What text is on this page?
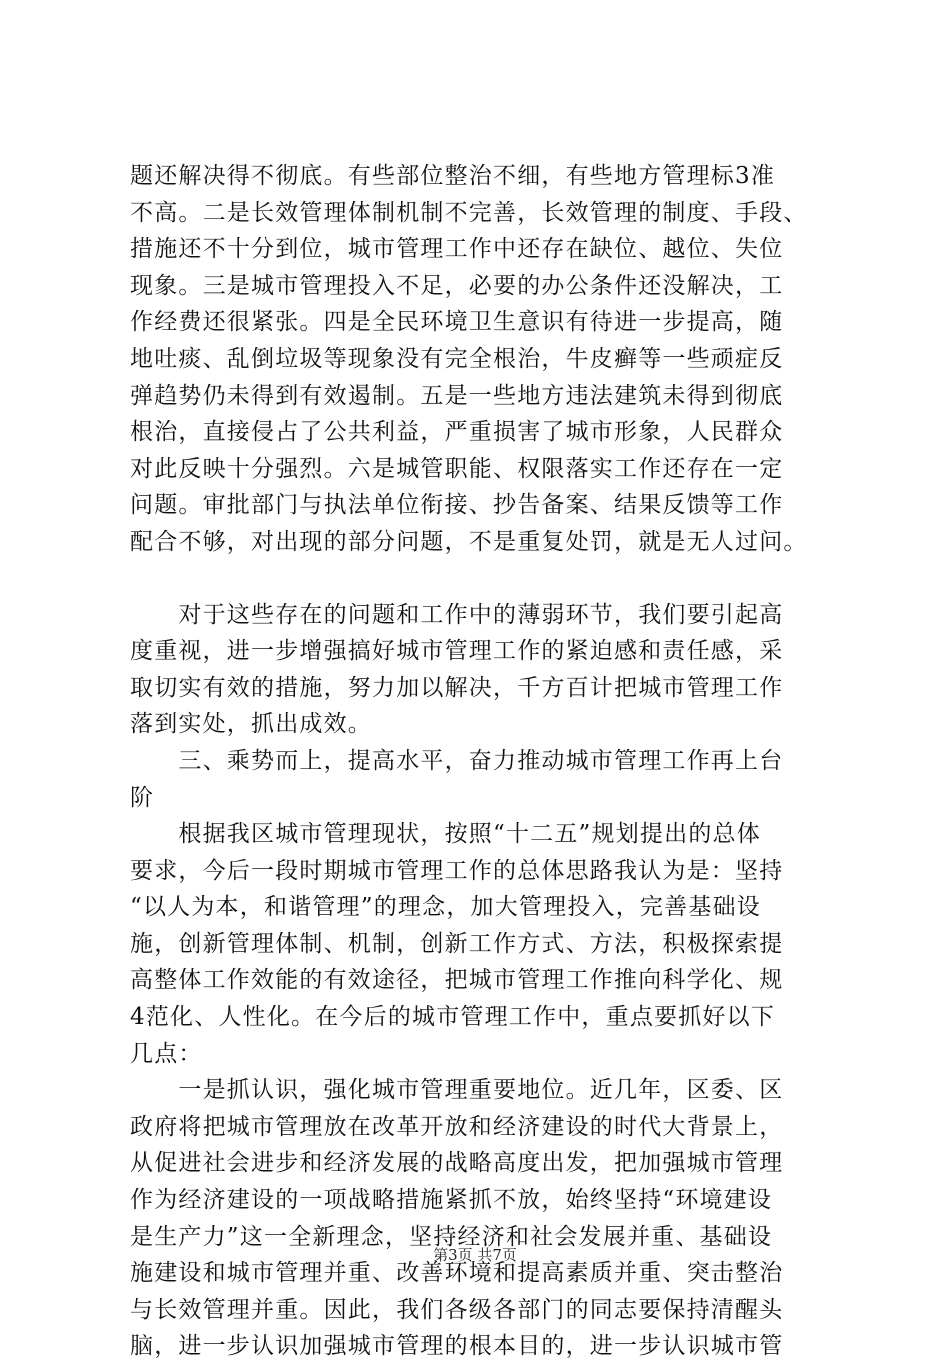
题还解决得不彻底。有些部位整治不细，有些地方管理标3准
不高。二是长效管理体制机制不完善，长效管理的制度、手段、
措施还不十分到位，城市管理工作中还存在缺位、越位、失位
现象。三是城市管理投入不足，必要的办公条件还没解决，工
作经费还很紧张。四是全民环境卫生意识有待进一步提高，随
地吐痰、乱倒垃圾等现象没有完全根治，牛皮癣等一些顽症反
弹趋势仍未得到有效遏制。五是一些地方违法建筑未得到彻底
根治，直接侵占了公共利益，严重损害了城市形象，人民群众
对此反映十分强烈。六是城管职能、权限落实工作还存在一定
问题。审批部门与执法单位衔接、抄告备案、结果反馈等工作
配合不够，对出现的部分问题，不是重复处罚，就是无人过问。
　　对于这些存在的问题和工作中的薄弱环节，我们要引起高
度重视，进一步增强搞好城市管理工作的紧迫感和责任感，采
取切实有效的措施，努力加以解决，千方百计把城市管理工作
落到实处，抓出成效。
　　三、乘势而上，提高水平，奋力推动城市管理工作再上台
阶
　　根据我区城市管理现状，按照“十二五”规划提出的总体
要求，今后一段时期城市管理工作的总体思路我认为是：坚持
“以人为本，和谐管理”的理念，加大管理投入，完善基础设
施，创新管理体制、机制，创新工作方式、方法，积极探索提
高整体工作效能的有效途径，把城市管理工作推向科学化、规
4范化、人性化。在今后的城市管理工作中，重点要抓好以下
几点：
　　一是抓认识，强化城市管理重要地位。近几年，区委、区
政府将把城市管理放在改革开放和经济建设的时代大背景上，
从促进社会进步和经济发展的战略高度出发，把加强城市管理
作为经济建设的一项战略措施紧抓不放，始终坚持“环境建设
是生产力”这一全新理念，坚持经济和社会发展并重、基础设
施建设和城市管理并重、改善环境和提高素质并重、突击整治
与长效管理并重。因此，我们各级各部门的同志要保持清醒头
脑，进一步认识加强城市管理的根本目的，进一步认识城市管
第3页 共7页
